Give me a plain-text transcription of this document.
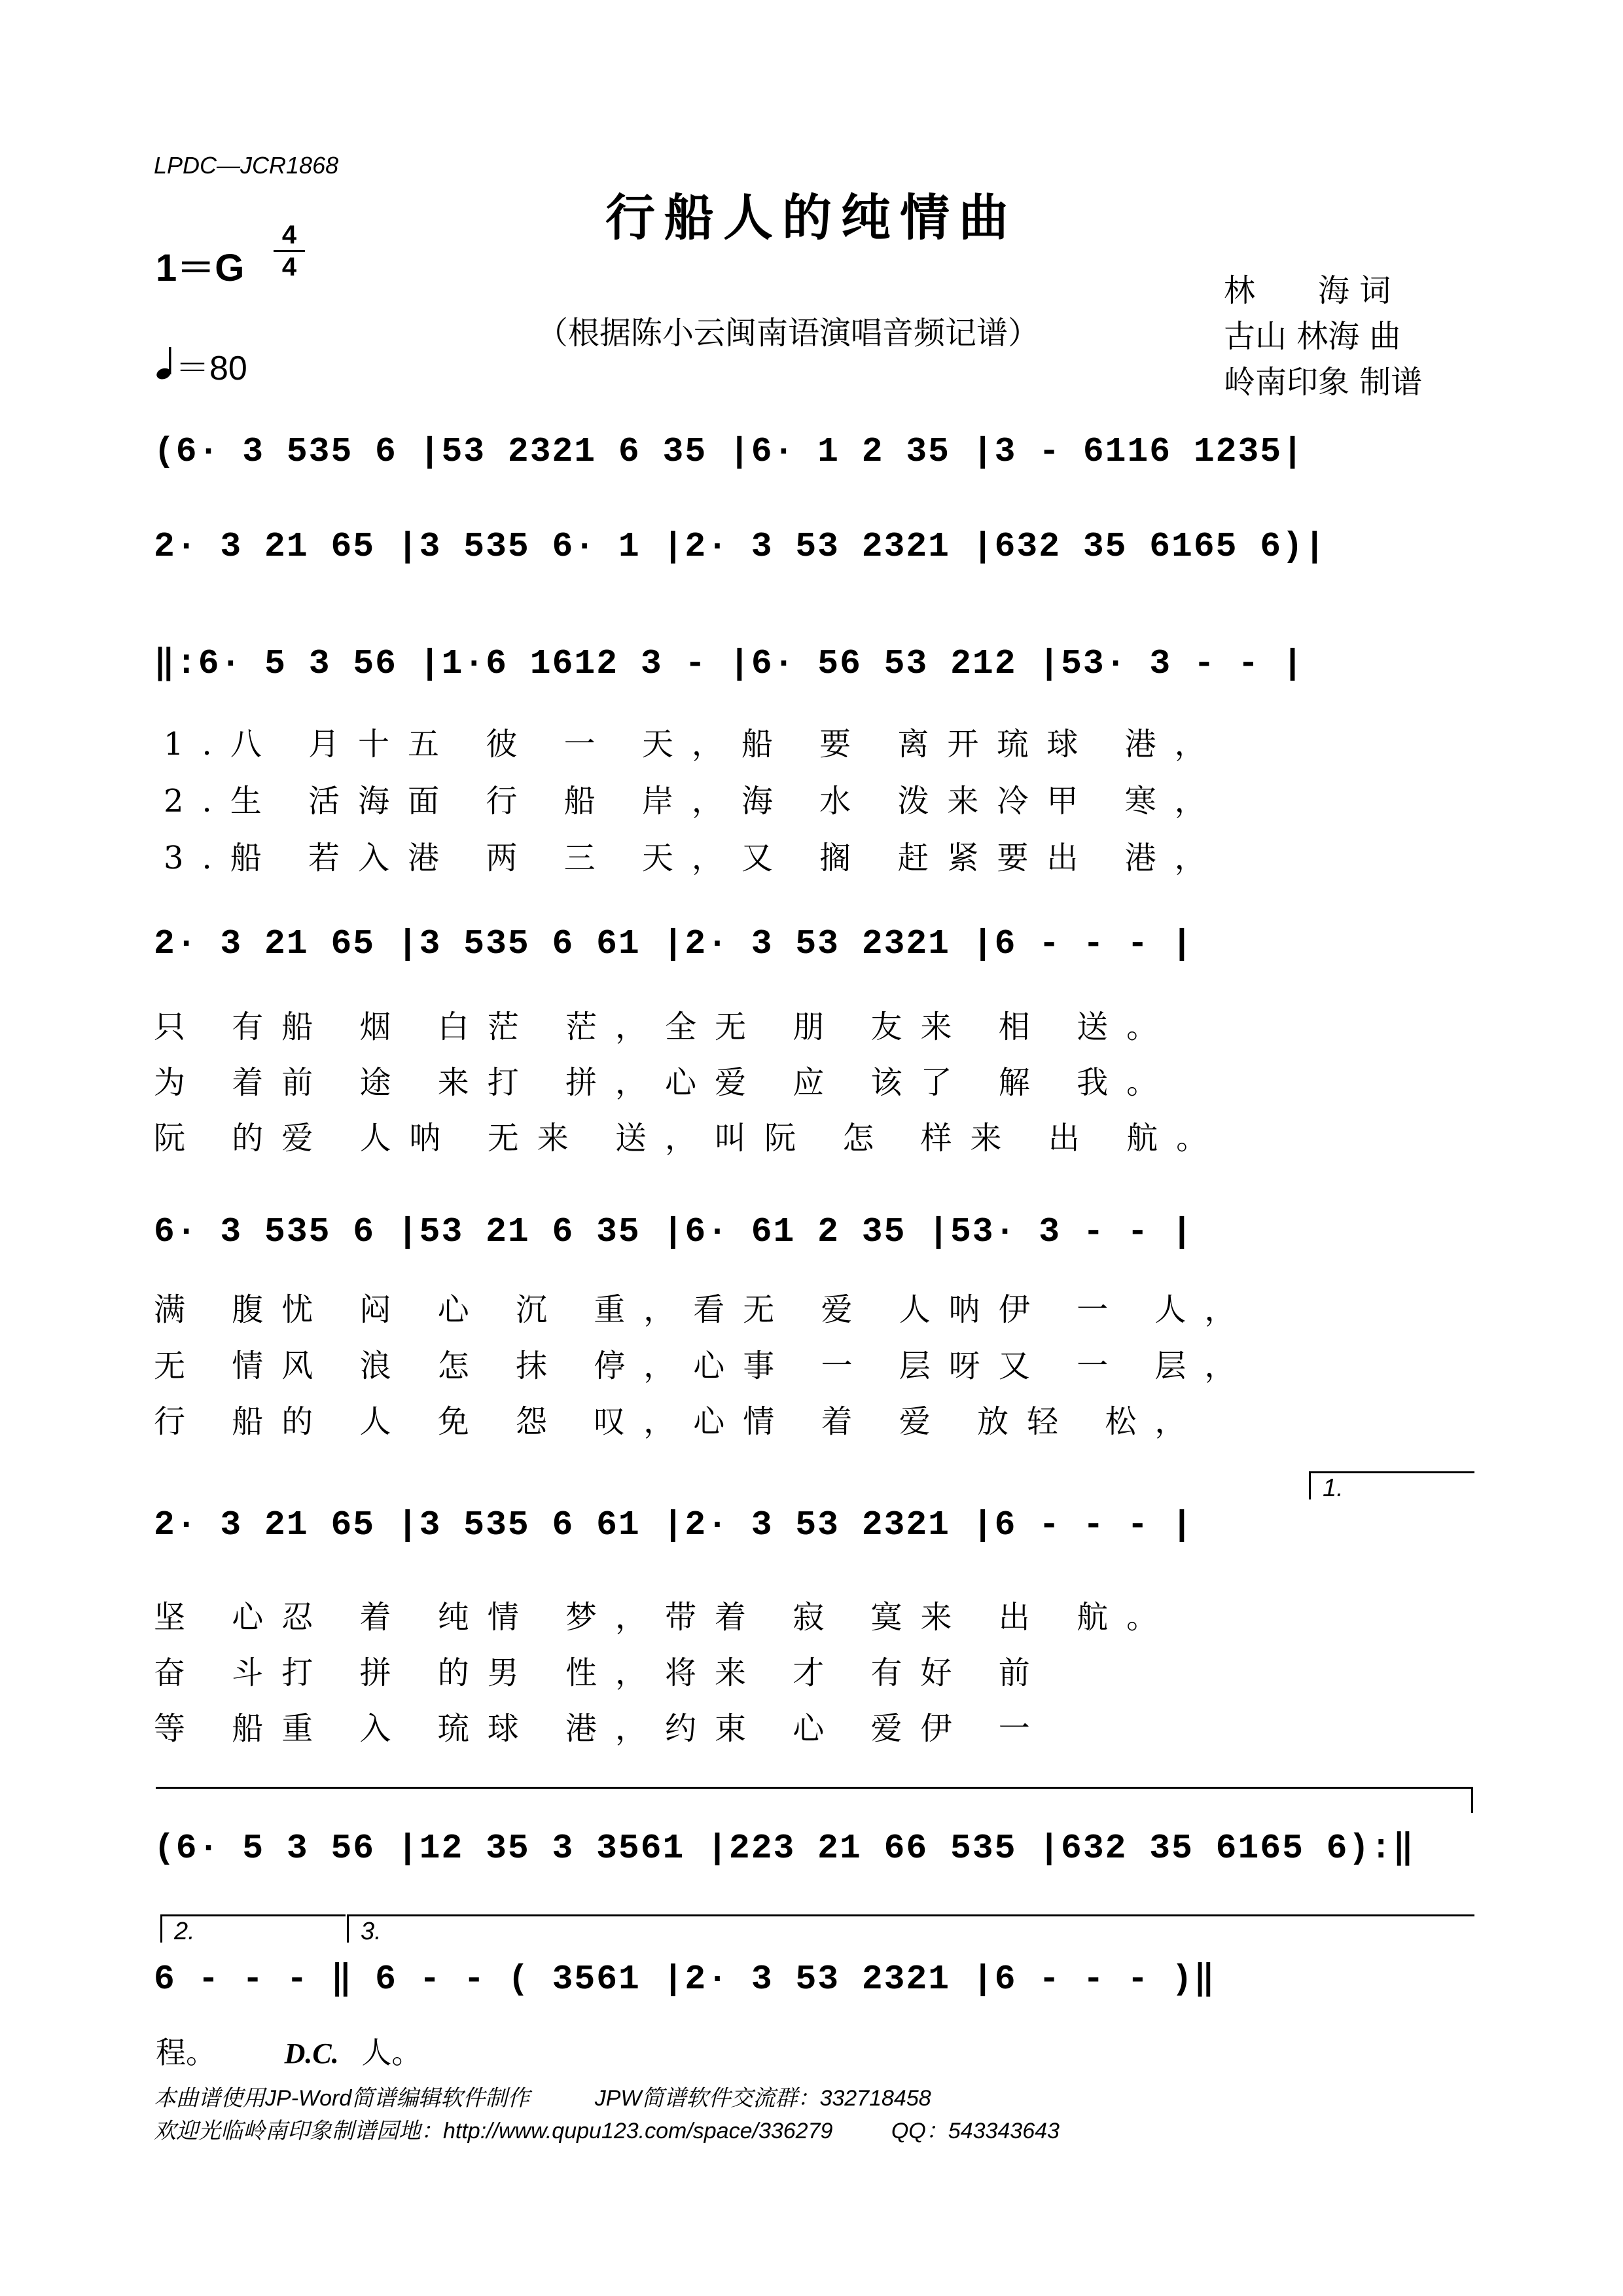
LPDC—JCR1868
行船人的纯情曲
1＝G
4
4
＝80
（根据陈小云闽南语演唱音频记谱）
林　　海 词
古山 林海 曲
岭南印象 制谱
(6· 3 535 6 |53 2321 6 35 |6· 1 2 35 |3 - 6116 1235|
2· 3 21 65 |3 535 6· 1 |2· 3 53 2321 |632 35 6165 6)|
‖:6· 5 3 56 |1·6 1612 3 - |6· 56 53 212 |53· 3 - - |
1.八 月十五 彼 一 天，船 要 离开琉球 港，
2.生 活海面 行 船 岸，海 水 泼来冷甲 寒，
3.船 若入港 两 三 天，又 搁 赶紧要出 港，
2· 3 21 65 |3 535 6 61 |2· 3 53 2321 |6 - - - |
只 有船 烟 白茫 茫，全无 朋 友来 相 送。
为 着前 途 来打 拼，心爱 应 该了 解 我。
阮 的爱 人呐 无来 送，叫阮 怎 样来 出 航。
6· 3 535 6 |53 21 6 35 |6· 61 2 35 |53· 3 - - |
满 腹忧 闷 心 沉 重，看无 爱 人呐伊 一 人，
无 情风 浪 怎 抹 停，心事 一 层呀又 一 层，
行 船的 人 免 怨 叹，心情 着 爱 放轻 松，
1.
2· 3 21 65 |3 535 6 61 |2· 3 53 2321 |6 - - - |
坚 心忍 着 纯情 梦，带着 寂 寞来 出 航。
奋 斗打 拼 的男 性，将来 才 有好 前
等 船重 入 琉球 港，约束 心 爱伊 一
(6· 5 3 56 |12 35 3 3561 |223 21 66 535 |632 35 6165 6):‖
2.	3.
6 - - - ‖ 6 - - ( 3561 |2· 3 53 2321 |6 - - - )‖
程。 D.C. 人。
本曲谱使用JP-Word简谱编辑软件制作	JPW简谱软件交流群：332718458
欢迎光临岭南印象制谱园地：http://www.qupu123.com/space/336279	QQ：543343643
